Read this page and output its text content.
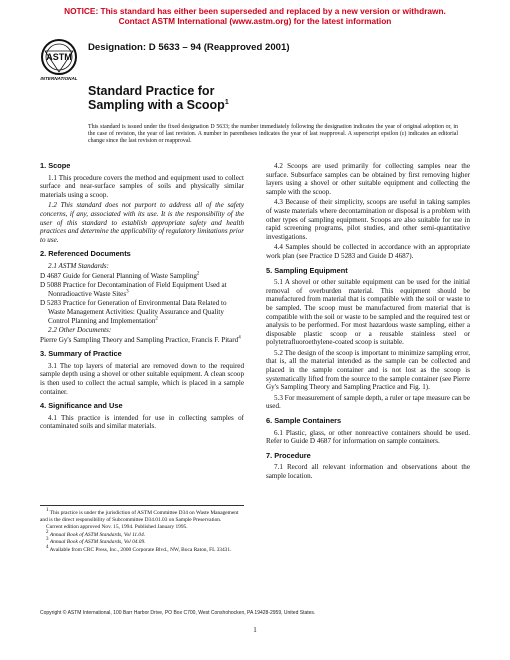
NOTICE: This standard has either been superseded and replaced by a new version or withdrawn.
Contact ASTM International (www.astm.org) for the latest information
ASTM
INTERNATIONAL
Designation: D 5633 – 94 (Reapproved 2001)
Standard Practice for
Sampling with a Scoop$^1$
This standard is issued under the fixed designation D 5633; the number immediately following the designation indicates the year of original adoption or, in the case of revision, the year of last revision. A number in parentheses indicates the year of last reapproval. A superscript epsilon (ε) indicates an editorial change since the last revision or reapproval.
1. Scope

1.1 This procedure covers the method and equipment used to collect surface and near-surface samples of soils and physically similar materials using a scoop.

1.2 This standard does not purport to address all of the safety concerns, if any, associated with its use. It is the responsibility of the user of this standard to establish appropriate safety and health practices and determine the applicability of regulatory limitations prior to use.

2. Referenced Documents
2.1 ASTM Standards:
D 4687 Guide for General Planning of Waste Sampling$^2$
D 5088 Practice for Decontamination of Field Equipment Used at Nonradioactive Waste Sites$^3$
D 5283 Practice for Generation of Environmental Data Related to Waste Management Activities: Quality Assurance and Quality Control Planning and Implementation$^2$
2.2 Other Documents:
Pierre Gy's Sampling Theory and Sampling Practice, Francis F. Pitard$^4$
3. Summary of Practice

3.1 The top layers of material are removed down to the required sample depth using a shovel or other suitable equipment. A clean scoop is then used to collect the actual sample, which is placed in a sample container.

4. Significance and Use

4.1 This practice is intended for use in collecting samples of contaminated soils and similar materials.

4.2 Scoops are used primarily for collecting samples near the surface. Subsurface samples can be obtained by first removing higher layers using a shovel or other suitable equipment and collecting the sample with the scoop.

4.3 Because of their simplicity, scoops are useful in taking samples of waste materials where decontamination or disposal is a problem with other types of sampling equipment. Scoops are also suitable for use in rapid screening programs, pilot studies, and other semi-quantitative investigations.

4.4 Samples should be collected in accordance with an appropriate work plan (see Practice D 5283 and Guide D 4687).

5. Sampling Equipment

5.1 A shovel or other suitable equipment can be used for the initial removal of overburden material. This equipment should be manufactured from material that is compatible with the soil or waste to be sampled. The scoop must be manufactured from material that is compatible with the soil or waste to be sampled and the required test or analysis to be performed. For most hazardous waste sampling, either a disposable plastic scoop or a reusable stainless steel or polytetrafluoroethylene-coated scoop is suitable.

5.2 The design of the scoop is important to minimize sampling error, that is, all the material intended as the sample can be collected and placed in the sample container and is not lost as the scoop is systematically lifted from the source to the sample container (see Pierre Gy's Sampling Theory and Sampling Practice and Fig. 1).

5.3 For measurement of sample depth, a ruler or tape measure can be used.

6. Sample Containers

6.1 Plastic, glass, or other nonreactive containers should be used. Refer to Guide D 4687 for information on sample containers.

7. Procedure

7.1 Record all relevant information and observations about the sample location.

$^1$ This practice is under the jurisdiction of ASTM Committee D34 on Waste Management and is the direct responsibility of Subcommittee D34.01.03 on Sample Preservation.

Current edition approved Nov. 15, 1994. Published January 1995.

$^2$ Annual Book of ASTM Standards, Vol 11.04.

$^3$ Annual Book of ASTM Standards, Vol 04.09.

$^4$ Available from CRC Press, Inc., 2000 Corporate Blvd., NW, Boca Raton, FL 33431.

Copyright © ASTM International, 100 Barr Harbor Drive, PO Box C700, West Conshohocken, PA 19428-2959, United States.
1
